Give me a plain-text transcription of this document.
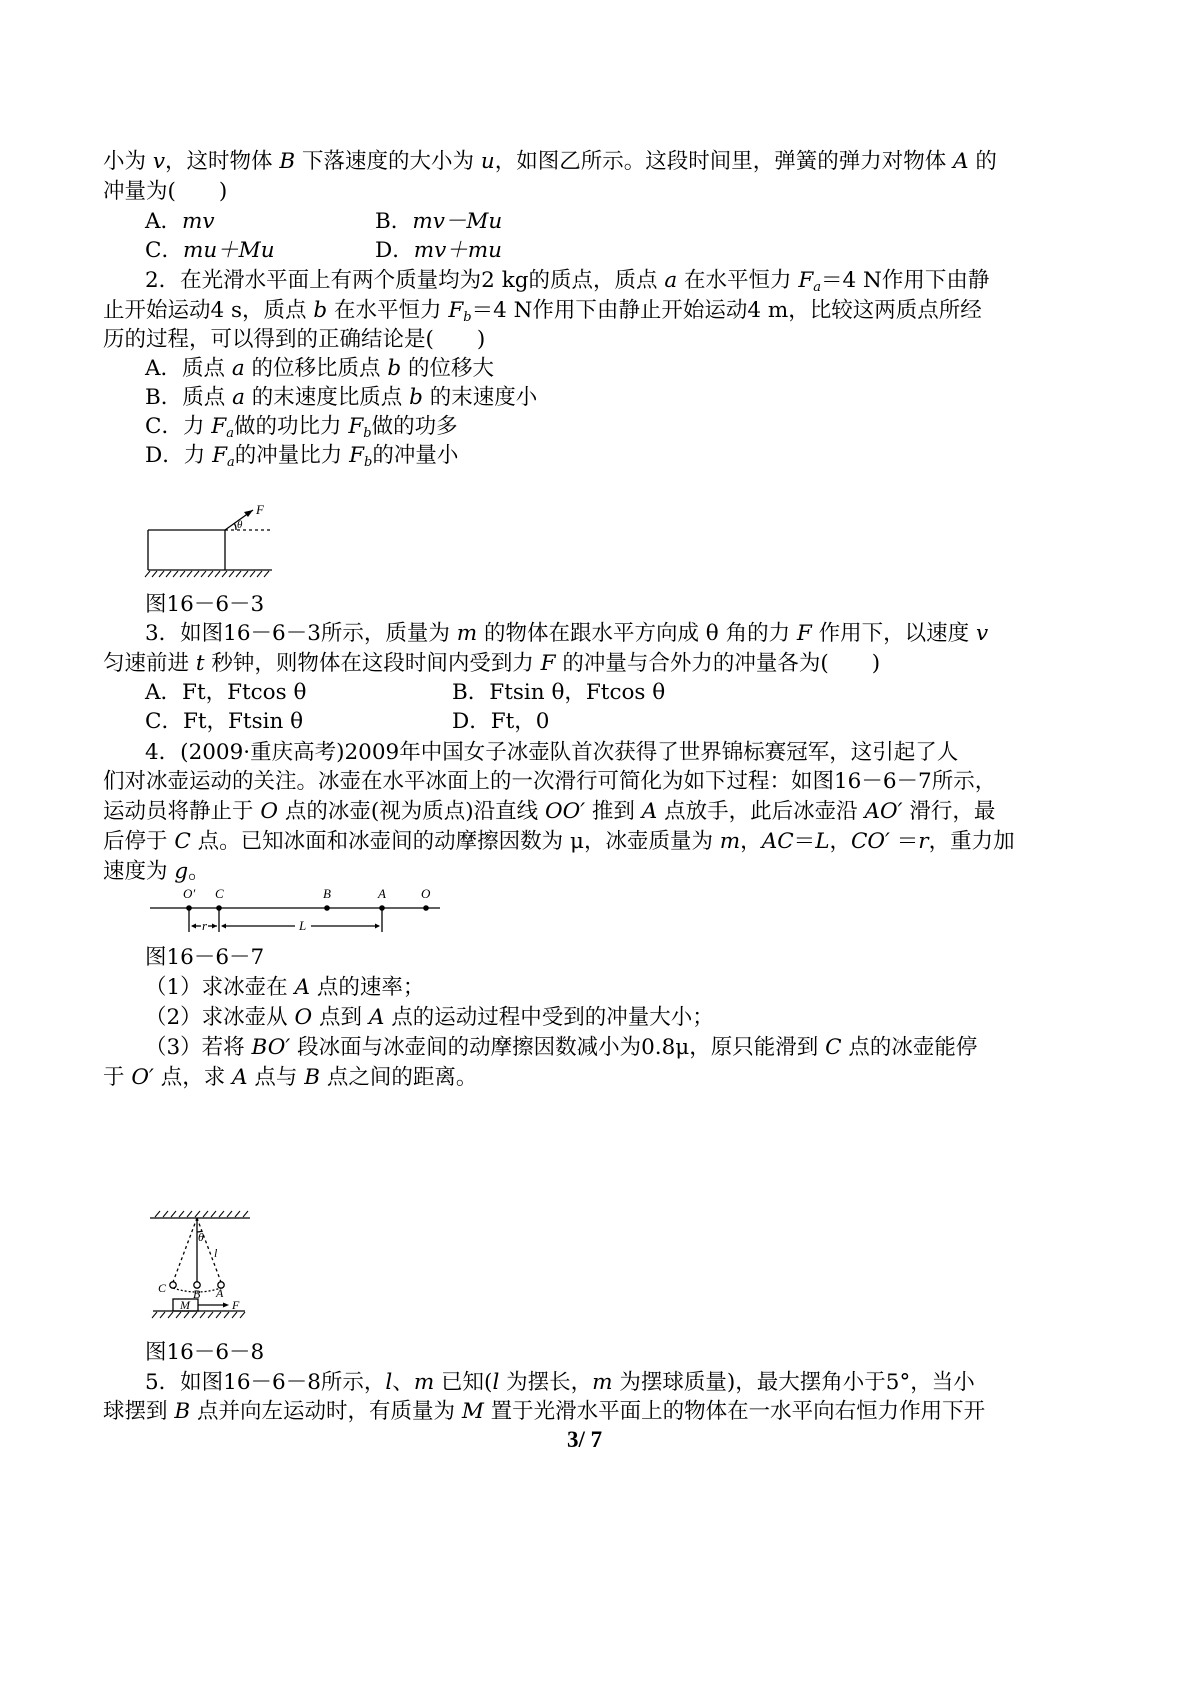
小为 v，这时物体 B 下落速度的大小为 u，如图乙所示。这段时间里，弹簧的弹力对物体 A 的
冲量为(　　)
A．mv	B．mv－Mu
C．mu＋Mu	D．mv＋mu
2．在光滑水平面上有两个质量均为2 kg的质点，质点 a 在水平恒力 $F_a=4$ N作用下由静
止开始运动4 s，质点 b 在水平恒力 $F_b=4$ N作用下由静止开始运动4 m，比较这两质点所经
历的过程，可以得到的正确结论是(　　)
A．质点 a 的位移比质点 b 的位移大
B．质点 a 的末速度比质点 b 的末速度小
C．力 $F_a$做的功比力 $F_b$做的功多
D．力 $F_a$的冲量比力 $F_b$的冲量小
F
θ
图16－6－3
3．如图16－6－3所示，质量为 m 的物体在跟水平方向成 θ 角的力 F 作用下，以速度 v
匀速前进 t 秒钟，则物体在这段时间内受到力 F 的冲量与合外力的冲量各为(　　)
A．Ft，Ftcos θ	B．Ftsin θ，Ftcos θ
C．Ft，Ftsin θ	D．Ft，0
4．(2009·重庆高考)2009年中国女子冰壶队首次获得了世界锦标赛冠军，这引起了人
们对冰壶运动的关注。冰壶在水平冰面上的一次滑行可简化为如下过程：如图16－6－7所示，
运动员将静止于 O 点的冰壶(视为质点)沿直线 OO′ 推到 A 点放手，此后冰壶沿 AO′ 滑行，最
后停于 C 点。已知冰面和冰壶间的动摩擦因数为 μ，冰壶质量为 m，AC＝L，CO′ ＝r，重力加
速度为 g。
O′ C	B	A	O
r	L
图16－6－7
（1）求冰壶在 A 点的速率；
（2）求冰壶从 O 点到 A 点的运动过程中受到的冲量大小；
（3）若将 BO′ 段冰面与冰壶间的动摩擦因数减小为0.8μ，原只能滑到 C 点的冰壶能停
于 O′ 点，求 A 点与 B 点之间的距离。
θ
l
C B A
M	F
图16－6－8
5．如图16－6－8所示，l、m 已知(l 为摆长，m 为摆球质量)，最大摆角小于5°，当小
球摆到 B 点并向左运动时，有质量为 M 置于光滑水平面上的物体在一水平向右恒力作用下开
3/ 7
